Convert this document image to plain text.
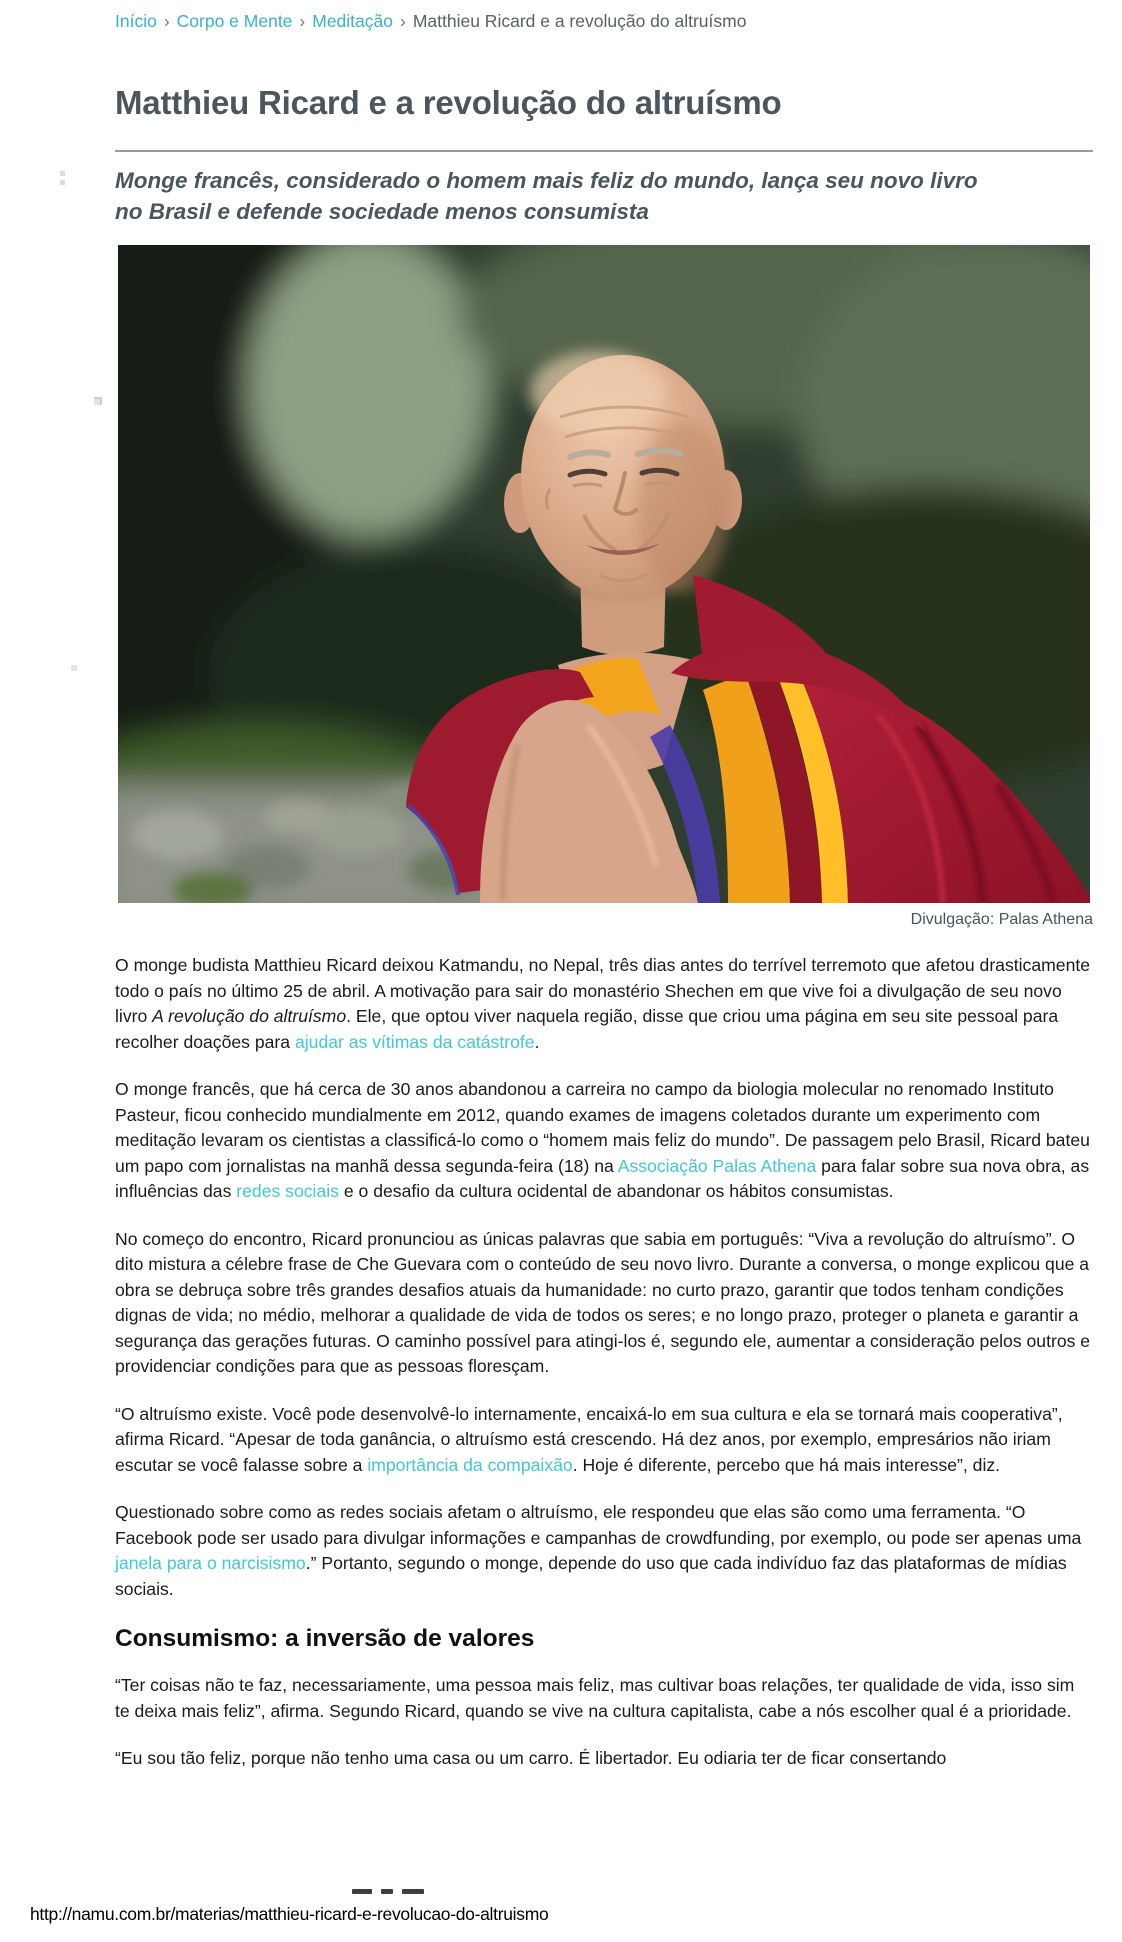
Início › Corpo e Mente › Meditação › Matthieu Ricard e a revolução do altruísmo
Matthieu Ricard e a revolução do altruísmo

Monge francês, considerado o homem mais feliz do mundo, lança seu novo livro no Brasil e defende sociedade menos consumista

Divulgação: Palas Athena

O monge budista Matthieu Ricard deixou Katmandu, no Nepal, três dias antes do terrível terremoto que afetou drasticamente todo o país no último 25 de abril. A motivação para sair do monastério Shechen em que vive foi a divulgação de seu novo livro A revolução do altruísmo. Ele, que optou viver naquela região, disse que criou uma página em seu site pessoal para recolher doações para ajudar as vítimas da catástrofe.

O monge francês, que há cerca de 30 anos abandonou a carreira no campo da biologia molecular no renomado Instituto Pasteur, ficou conhecido mundialmente em 2012, quando exames de imagens coletados durante um experimento com meditação levaram os cientistas a classificá-lo como o “homem mais feliz do mundo”. De passagem pelo Brasil, Ricard bateu um papo com jornalistas na manhã dessa segunda-feira (18) na Associação Palas Athena para falar sobre sua nova obra, as influências das redes sociais e o desafio da cultura ocidental de abandonar os hábitos consumistas.

No começo do encontro, Ricard pronunciou as únicas palavras que sabia em português: “Viva a revolução do altruísmo”. O dito mistura a célebre frase de Che Guevara com o conteúdo de seu novo livro. Durante a conversa, o monge explicou que a obra se debruça sobre três grandes desafios atuais da humanidade: no curto prazo, garantir que todos tenham condições dignas de vida; no médio, melhorar a qualidade de vida de todos os seres; e no longo prazo, proteger o planeta e garantir a segurança das gerações futuras. O caminho possível para atingi-los é, segundo ele, aumentar a consideração pelos outros e providenciar condições para que as pessoas floresçam.

“O altruísmo existe. Você pode desenvolvê-lo internamente, encaixá-lo em sua cultura e ela se tornará mais cooperativa”, afirma Ricard. “Apesar de toda ganância, o altruísmo está crescendo. Há dez anos, por exemplo, empresários não iriam escutar se você falasse sobre a importância da compaixão. Hoje é diferente, percebo que há mais interesse”, diz.

Questionado sobre como as redes sociais afetam o altruísmo, ele respondeu que elas são como uma ferramenta. “O Facebook pode ser usado para divulgar informações e campanhas de crowdfunding, por exemplo, ou pode ser apenas uma janela para o narcisismo.” Portanto, segundo o monge, depende do uso que cada indivíduo faz das plataformas de mídias sociais.

Consumismo: a inversão de valores

“Ter coisas não te faz, necessariamente, uma pessoa mais feliz, mas cultivar boas relações, ter qualidade de vida, isso sim te deixa mais feliz”, afirma. Segundo Ricard, quando se vive na cultura capitalista, cabe a nós escolher qual é a prioridade.

“Eu sou tão feliz, porque não tenho uma casa ou um carro. É libertador. Eu odiaria ter de ficar consertando

http://namu.com.br/materias/matthieu-ricard-e-revolucao-do-altruismo
